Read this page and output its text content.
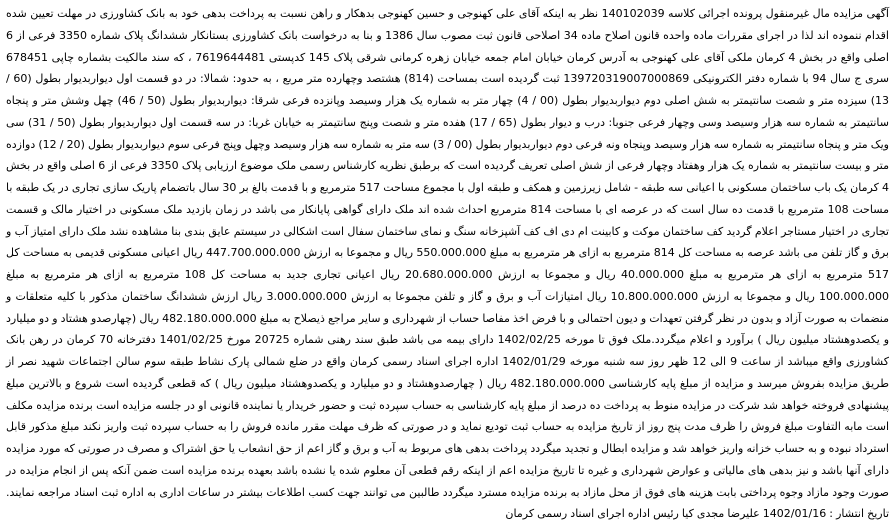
آگهی مزایده مال غیرمنقول پرونده اجرائی کلاسه 140102039 نظر به اینکه آقای علی کهنوجی و حسین کهنوجی بدهکار و راهن نسبت به پرداخت بدهی خود به بانک کشاورزی در مهلت تعیین شده اقدام ننموده اند لذا در اجرای مقررات ماده واحده قانون اصلاح ماده 34 اصلاحی قانون ثبت مصوب سال 1386 و بنا به درخواست بانک کشاورزی بستانکار ششدانگ پلاک شماره 3350 فرعی از 6 اصلی واقع در بخش 4 کرمان ملکی آقای علی کهنوجی به آدرس کرمان خیابان امام جمعه خیابان زهره کرمانی شرقی پلاک 145 کدپستی 7619644481 ، که سند مالکیت بشماره چاپی 678451 سری ج سال 94 با شماره دفتر الکترونیکی 139720319007000869 ثبت گردیده است بمساحت (814) هشتصد وچهارده متر مربع ، به حدود: شمالا: در دو قسمت اول دیواربدیوار بطول (60 / 13) سیزده متر و شصت سانتیمتر به شش اصلی دوم دیواربدیوار بطول (00 / 4) چهار متر به شماره یک هزار وسیصد وپانزده فرعی شرقا: دیواربدیوار بطول (50 / 46) چهل وشش متر و پنجاه سانتیمتر به شماره سه هزار وسیصد وسی وچهار فرعی جنوبا: درب و دیوار بطول (65 / 17) هفده متر و شصت وپنج سانتیمتر به خیابان غربا: در سه قسمت اول دیواربدیوار بطول (50 / 31) سی ویک متر و پنجاه سانتیمتر به شماره سه هزار وسیصد وپنجاه ونه فرعی دوم دیواربدیوار بطول (00 / 3) سه متر به شماره سه هزار وسیصد وچهل وپنج فرعی سوم دیواربدیوار بطول (20 / 12) دوازده متر و بیست سانتیمتر به شماره یک هزار وهفتاد وچهار فرعی از شش اصلی تعریف گردیده است که برطبق نظریه کارشناس رسمی ملک موضوع ارزیابی پلاک 3350 فرعی از 6 اصلی واقع در بخش 4 کرمان یک باب ساختمان مسکونی با اعیانی سه طبقه - شامل زیرزمین و همکف و طبقه اول با مجموع مساحت 517 مترمربع و با قدمت بالغ بر 30 سال باتضمام پاریک سازی تجاری در یک طبقه با مساحت 108 مترمربع با قدمت ده سال است که در عرصه ای با مساحت 814 مترمربع احداث شده اند ملک دارای گواهی پایانکار می باشد در زمان بازدید ملک مسکونی در اختیار مالک و قسمت تجاری در اختیار مستاجر اعلام گردید کف ساختمان موکت و کابینت ام دی اف کف آشپزخانه سنگ و نمای ساختمان سفال است اشکالی در سیستم عایق بندی بنا مشاهده نشد ملک دارای امتیاز آب و برق و گاز تلفن می باشد عرصه به مساحت کل 814 مترمربع به ازای هر مترمربع به مبلغ 550.000.000 ریال و مجموعا به ارزش 447.700.000.000 ریال اعیانی مسکونی قدیمی به مساحت کل 517 مترمربع به ازای هر مترمربع به مبلغ 40.000.000 ریال و مجموعا به ارزش 20.680.000.000 ریال اعیانی تجاری جدید به مساحت کل 108 مترمربع به ازای هر مترمربع به مبلغ 100.000.000 ریال و مجموعا به ارزش 10.800.000.000 ریال امتیازات آب و برق و گاز و تلفن مجموعا به ارزش 3.000.000.000 ریال ارزش ششدانگ ساختمان مذکور با کلیه متعلقات و منضمات به صورت آزاد و بدون در نظر گرفتن تعهدات و دیون احتمالی و با فرض اخذ مفاصا حساب از شهرداری و سایر مراجع ذیصلاح به مبلغ 482.180.000.000 ریال (چهارصدو هشتاد و دو میلیارد و یکصدوهشتاد میلیون ریال ) برآورد و اعلام میگردد.ملک فوق تا مورخه 1402/02/25 دارای بیمه می باشد طبق سند رهنی شماره 20725 مورخ 1401/02/25 دفترخانه 70 کرمان در رهن بانک کشاورزی واقع میباشد از ساعت 9 الی 12 ظهر روز سه شنبه مورخه 1402/01/29 اداره اجرای اسناد رسمی کرمان واقع در ضلع شمالی پارک نشاط طبقه سوم سالن اجتماعات شهید نصر از طریق مزایده بفروش میرسد و مزایده از مبلغ پایه کارشناسی 482.180.000.000 ریال ( چهارصدوهشتاد و دو میلیارد و یکصدوهشتاد میلیون ریال ) که قطعی گردیده است شروع و بالاترین مبلغ پیشنهادی فروخته خواهد شد شرکت در مزایده منوط به پرداخت ده درصد از مبلغ پایه کارشناسی به حساب سپرده ثبت و حضور خریدار یا نماینده قانونی او در جلسه مزایده است برنده مزایده مکلف است مابه التفاوت مبلغ فروش را ظرف مدت پنج روز از تاریخ مزایده به حساب ثبت تودیع نماید و در صورتی که ظرف مهلت مقرر مانده فروش را به حساب سپرده ثبت واریز نکند مبلغ مذکور قابل استرداد نبوده و به حساب خزانه واریز خواهد شد و مزایده ابطال و تجدید میگردد پرداخت بدهی های مربوط به آب و برق و گاز اعم از حق انشعاب یا حق اشتراک و مصرف در صورتی که مورد مزایده دارای آنها باشد و نیز بدهی های مالیاتی و عوارض شهرداری و غیره تا تاریخ مزایده اعم از اینکه رقم قطعی آن معلوم شده یا نشده باشد بعهده برنده مزایده است ضمن آنکه پس از انجام مزایده در صورت وجود مازاد وجوه پرداختی بابت هزینه های فوق از محل مازاد به برنده مزایده مسترد میگردد طالبین می توانند جهت کسب اطلاعات بیشتر در ساعات اداری به اداره ثبت اسناد مراجعه نمایند. تاریخ انتشار : 1402/01/16 علیرضا مجدی کیا رئیس اداره اجرای اسناد رسمی کرمان
